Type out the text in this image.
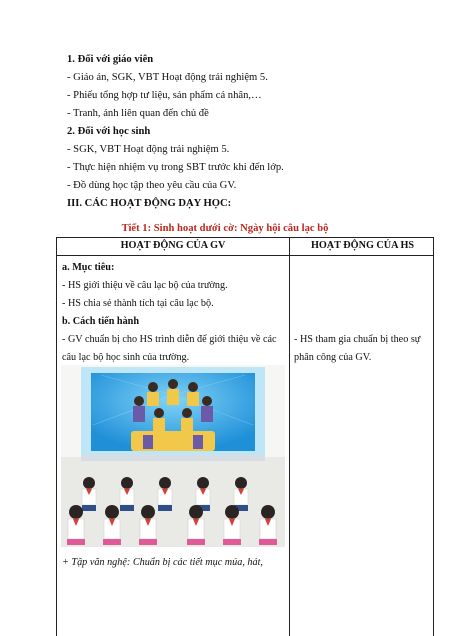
1. Đối với giáo viên
- Giáo án, SGK, VBT Hoạt động trải nghiệm 5.
- Phiếu tổng hợp tư liệu, sản phẩm cá nhân,…
- Tranh, ảnh liên quan đến chủ đề
2. Đối với học sinh
- SGK, VBT Hoạt động trải nghiệm 5.
- Thực hiện nhiệm vụ trong SBT trước khi đến lớp.
- Đồ dùng học tập theo yêu cầu của GV.
III. CÁC HOẠT ĐỘNG DẠY HỌC:
Tiết 1: Sinh hoạt dưới cờ: Ngày hội câu lạc bộ
HOẠT ĐỘNG CỦA GV	HOẠT ĐỘNG CỦA HS
a. Mục tiêu:
- HS giới thiệu về câu lạc bộ của trường.
- HS chia sẻ thành tích tại câu lạc bộ.
b. Cách tiến hành
- GV chuẩn bị cho HS trình diễn để giới thiệu về các
câu lạc bộ học sinh của trường.
- HS tham gia chuẩn bị theo sự
phân công của GV.
+ Tập văn nghệ: Chuẩn bị các tiết mục múa, hát,
